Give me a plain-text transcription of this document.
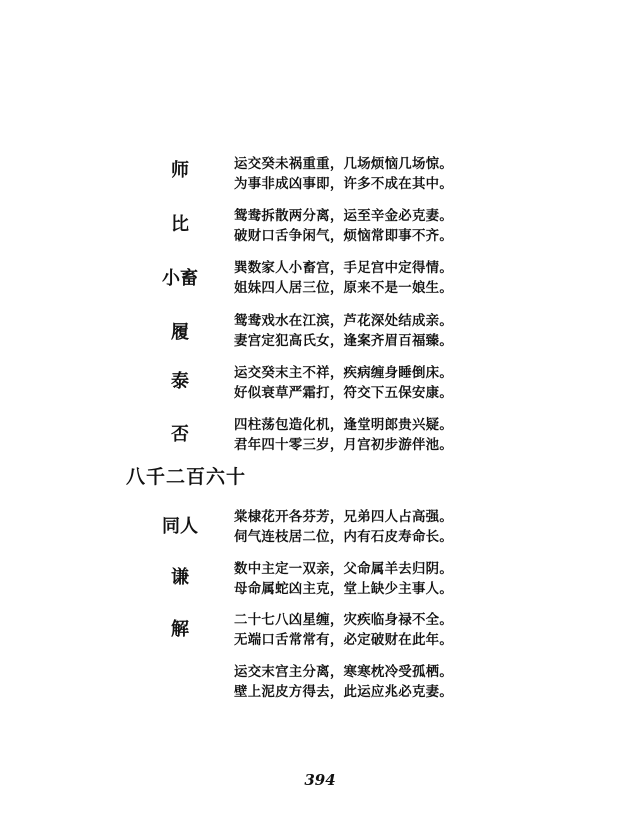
师
比
小畜
履
泰
否
同人
谦
解
运交癸未祸重重，几场烦恼几场惊。
为事非成凶事即，许多不成在其中。
鸳鸯拆散两分离，运至辛金必克妻。
破财口舌争闲气，烦恼常即事不齐。
巽数家人小畜宫，手足宫中定得情。
姐妹四人居三位，原来不是一娘生。
鸳鸯戏水在江滨，芦花深处结成亲。
妻宫定犯高氏女，逢案齐眉百福臻。
运交癸末主不祥，疾病缠身睡倒床。
好似衰草严霜打，符交下五保安康。
四柱荡包造化机，逢堂明郎贵兴疑。
君年四十零三岁，月宫初步游伴池。
八千二百六十
棠棣花开各芬芳，兄弟四人占高强。
伺气连枝居二位，内有石皮寿命长。
数中主定一双亲，父命属羊去归阴。
母命属蛇凶主克，堂上缺少主事人。
二十七八凶星缠，灾疾临身禄不全。
无端口舌常常有，必定破财在此年。
运交末宫主分离，寒寒枕冷受孤栖。
壁上泥皮方得去，此运应兆必克妻。
394
